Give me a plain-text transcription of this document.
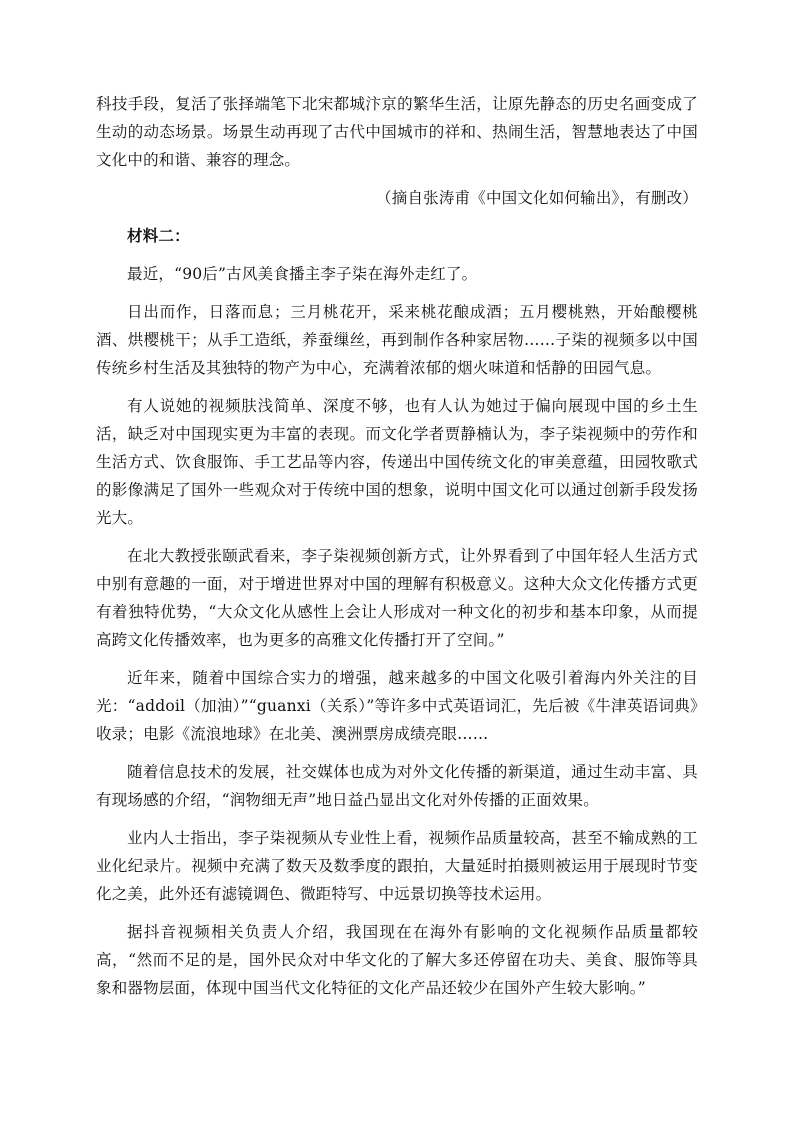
科技手段，复活了张择端笔下北宋都城汴京的繁华生活，让原先静态的历史名画变成了生动的动态场景。场景生动再现了古代中国城市的祥和、热闹生活，智慧地表达了中国文化中的和谐、兼容的理念。

（摘自张涛甫《中国文化如何输出》，有删改）

材料二：

最近，“90后”古风美食播主李子柒在海外走红了。

日出而作，日落而息；三月桃花开，采来桃花酿成酒；五月樱桃熟，开始酿樱桃酒、烘樱桃干；从手工造纸，养蚕缫丝，再到制作各种家居物……子柒的视频多以中国传统乡村生活及其独特的物产为中心，充满着浓郁的烟火味道和恬静的田园气息。

有人说她的视频肤浅简单、深度不够，也有人认为她过于偏向展现中国的乡土生活，缺乏对中国现实更为丰富的表现。而文化学者贾静楠认为，李子柒视频中的劳作和生活方式、饮食服饰、手工艺品等内容，传递出中国传统文化的审美意蕴，田园牧歌式的影像满足了国外一些观众对于传统中国的想象，说明中国文化可以通过创新手段发扬光大。

在北大教授张颐武看来，李子柒视频创新方式，让外界看到了中国年轻人生活方式中别有意趣的一面，对于增进世界对中国的理解有积极意义。这种大众文化传播方式更有着独特优势，“大众文化从感性上会让人形成对一种文化的初步和基本印象，从而提高跨文化传播效率，也为更多的高雅文化传播打开了空间。”

近年来，随着中国综合实力的增强，越来越多的中国文化吸引着海内外关注的目光：“addoil（加油）”“guanxi（关系）”等许多中式英语词汇，先后被《牛津英语词典》收录；电影《流浪地球》在北美、澳洲票房成绩亮眼……

随着信息技术的发展，社交媒体也成为对外文化传播的新渠道，通过生动丰富、具有现场感的介绍，“润物细无声”地日益凸显出文化对外传播的正面效果。

业内人士指出，李子柒视频从专业性上看，视频作品质量较高，甚至不输成熟的工业化纪录片。视频中充满了数天及数季度的跟拍，大量延时拍摄则被运用于展现时节变化之美，此外还有滤镜调色、微距特写、中远景切换等技术运用。

据抖音视频相关负责人介绍，我国现在在海外有影响的文化视频作品质量都较高，“然而不足的是，国外民众对中华文化的了解大多还停留在功夫、美食、服饰等具象和器物层面，体现中国当代文化特征的文化产品还较少在国外产生较大影响。”
